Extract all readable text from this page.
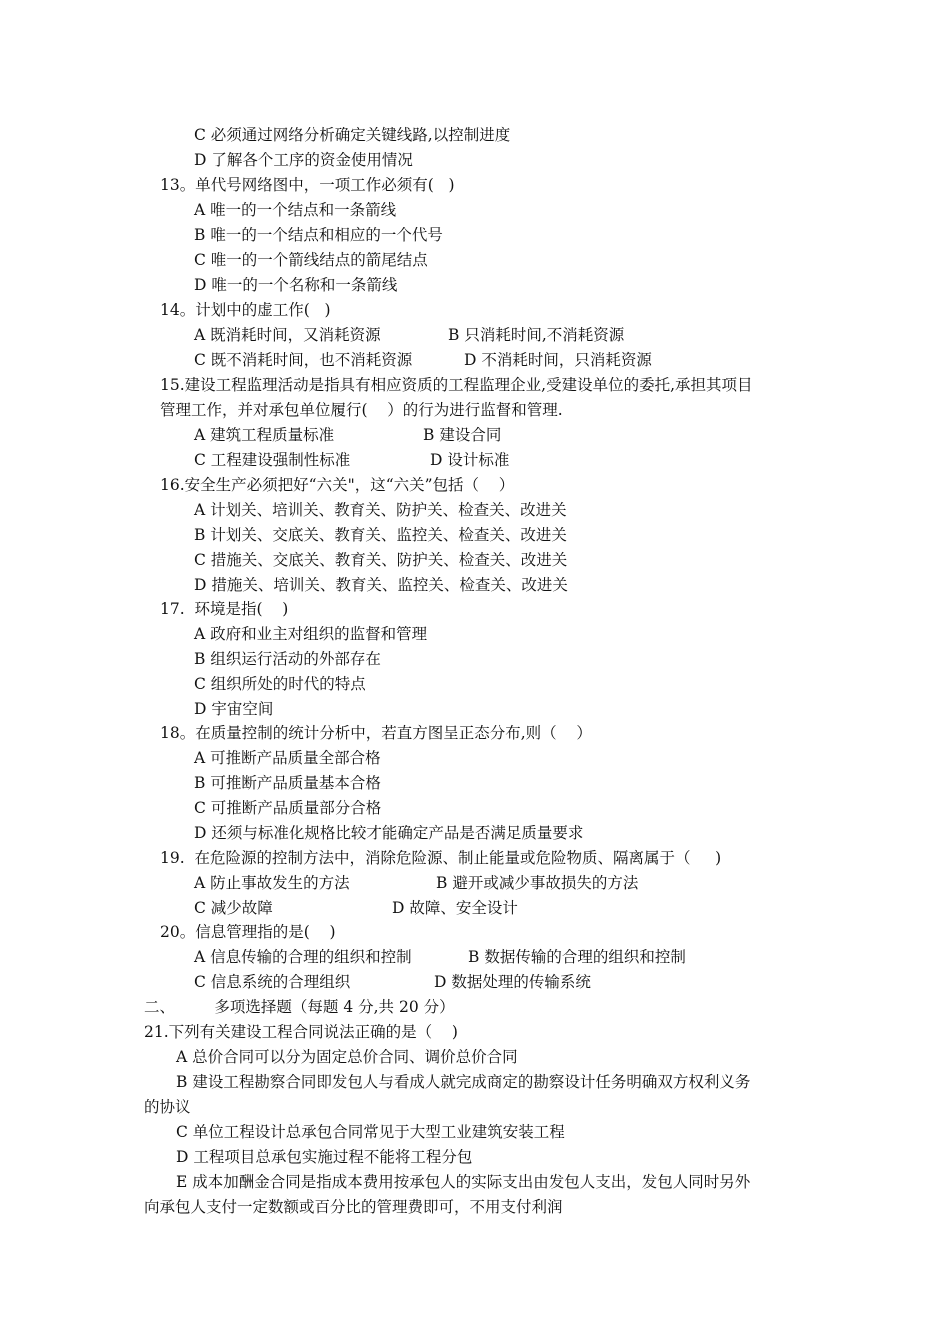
C 必须通过网络分析确定关键线路,以控制进度
D 了解各个工序的资金使用情况
13。单代号网络图中，一项工作必须有(   )
A 唯一的一个结点和一条箭线
B 唯一的一个结点和相应的一个代号
C 唯一的一个箭线结点的箭尾结点
D 唯一的一个名称和一条箭线
14。计划中的虚工作(   )
A 既消耗时间，又消耗资源	B 只消耗时间,不消耗资源
C 既不消耗时间，也不消耗资源	D 不消耗时间，只消耗资源
15.建设工程监理活动是指具有相应资质的工程监理企业,受建设单位的委托,承担其项目
管理工作，并对承包单位履行(    ）的行为进行监督和管理.
A 建筑工程质量标准	B 建设合同
C 工程建设强制性标准	D 设计标准
16.安全生产必须把好“六关"，这“六关”包括（    ）
A 计划关、培训关、教育关、防护关、检查关、改进关
B 计划关、交底关、教育关、监控关、检查关、改进关
C 措施关、交底关、教育关、防护关、检查关、改进关
D 措施关、培训关、教育关、监控关、检查关、改进关
17.  环境是指(    )
A 政府和业主对组织的监督和管理
B 组织运行活动的外部存在
C 组织所处的时代的特点
D 宇宙空间
18。在质量控制的统计分析中，若直方图呈正态分布,则（    ）
A 可推断产品质量全部合格
B 可推断产品质量基本合格
C 可推断产品质量部分合格
D 还须与标准化规格比较才能确定产品是否满足质量要求
19.  在危险源的控制方法中，消除危险源、制止能量或危险物质、隔离属于（     )
A 防止事故发生的方法	B 避开或减少事故损失的方法
C 减少故障	D 故障、安全设计
20。信息管理指的是(    )
A 信息传输的合理的组织和控制	B 数据传输的合理的组织和控制
C 信息系统的合理组织	D 数据处理的传输系统
二、        多项选择题（每题 4 分,共 20 分）
21.下列有关建设工程合同说法正确的是（    )
A 总价合同可以分为固定总价合同、调价总价合同
B 建设工程勘察合同即发包人与看成人就完成商定的勘察设计任务明确双方权利义务
的协议
C 单位工程设计总承包合同常见于大型工业建筑安装工程
D 工程项目总承包实施过程不能将工程分包
E 成本加酬金合同是指成本费用按承包人的实际支出由发包人支出，发包人同时另外
向承包人支付一定数额或百分比的管理费即可，不用支付利润
